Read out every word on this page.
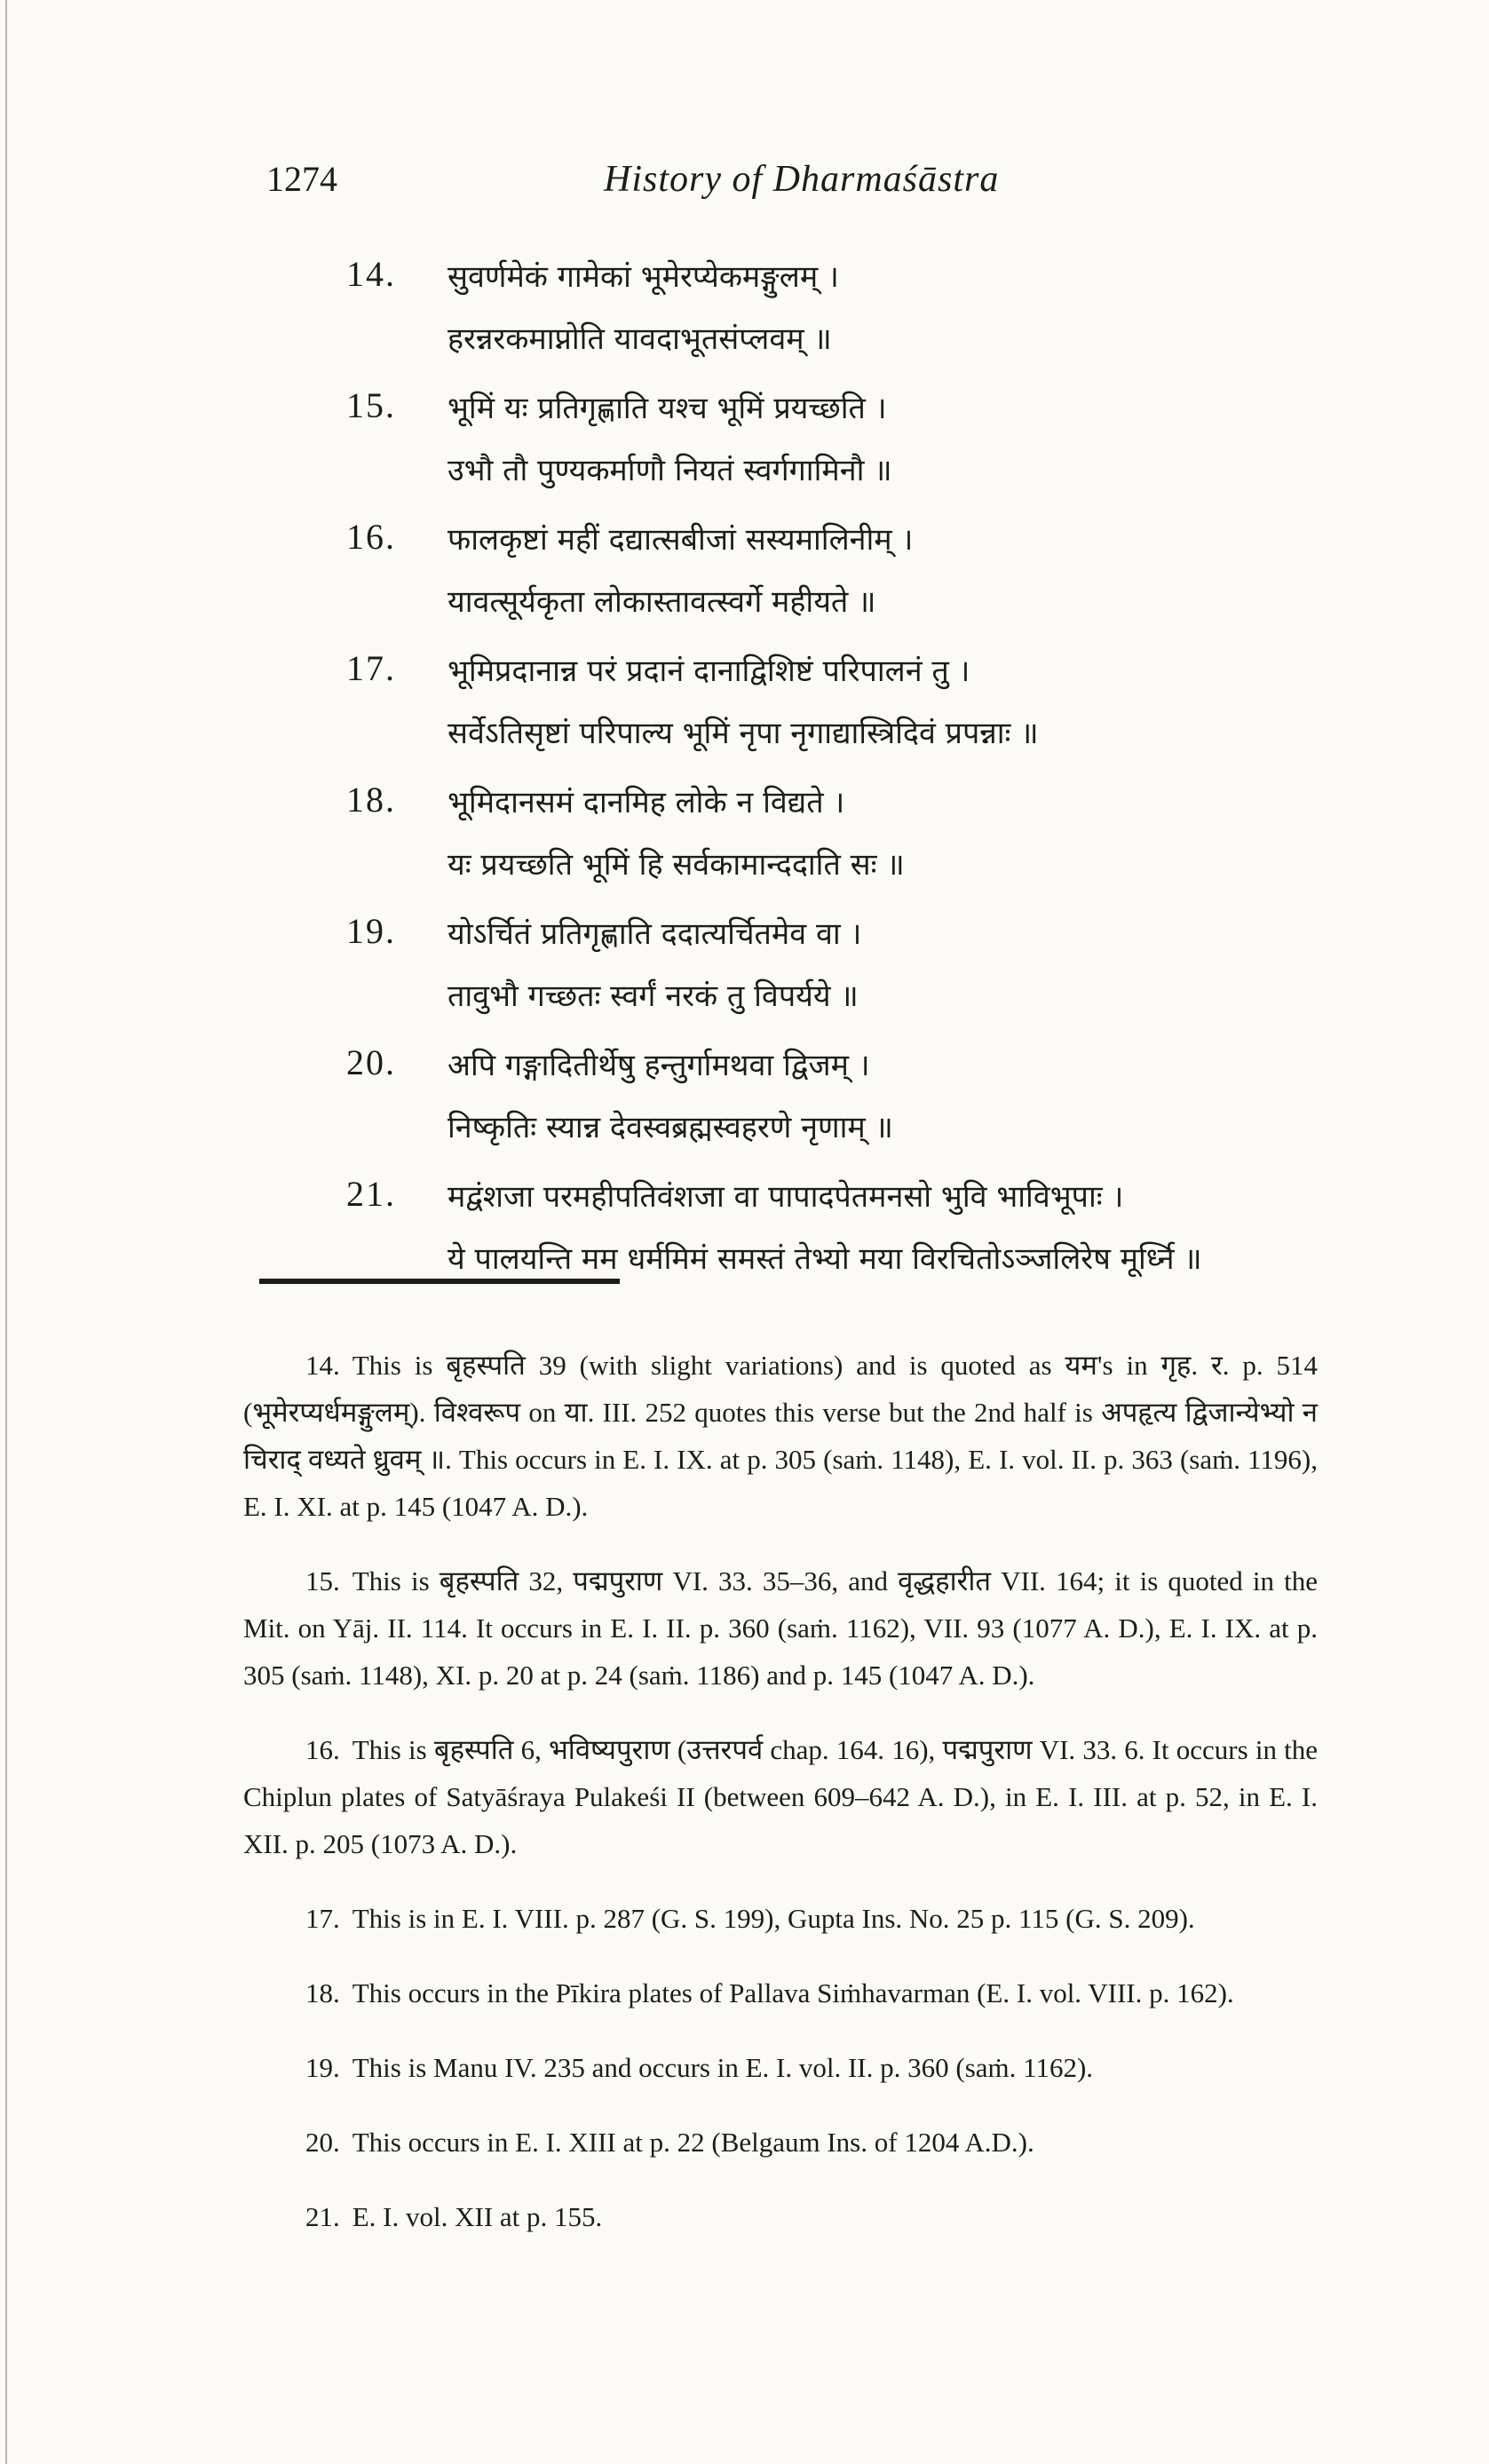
1274	History of Dharmaśāstra
14. सुवर्णमेकं गामेकां भूमेरप्येकमङ्गुलम् ।
हरन्नरकमाप्नोति यावदाभूतसंप्लवम् ॥
15. भूमिं यः प्रतिगृह्णाति यश्च भूमिं प्रयच्छति ।
उभौ तौ पुण्यकर्माणौ नियतं स्वर्गगामिनौ ॥
16. फालकृष्टां महीं दद्यात्सबीजां सस्यमालिनीम् ।
यावत्सूर्यकृता लोकास्तावत्स्वर्गे महीयते ॥
17. भूमिप्रदानान्न परं प्रदानं दानाद्विशिष्टं परिपालनं तु ।
सर्वेऽतिसृष्टां परिपाल्य भूमिं नृपा नृगाद्यास्त्रिदिवं प्रपन्नाः ॥
18. भूमिदानसमं दानमिह लोके न विद्यते ।
यः प्रयच्छति भूमिं हि सर्वकामान्ददाति सः ॥
19. योऽर्चितं प्रतिगृह्णाति ददात्यर्चितमेव वा ।
तावुभौ गच्छतः स्वर्गं नरकं तु विपर्यये ॥
20. अपि गङ्गादितीर्थेषु हन्तुर्गामथवा द्विजम् ।
निष्कृतिः स्यान्न देवस्वब्रह्मस्वहरणे नृणाम् ॥
21. मद्वंशजा परमहीपतिवंशजा वा पापादपेतमनसो भुवि भाविभूपाः ।
ये पालयन्ति मम धर्ममिमं समस्तं तेभ्यो मया विरचितोऽञ्जलिरेष मूर्ध्नि ॥

14. This is बृहस्पति 39 (with slight variations) and is quoted as यम's in गृह. र. p. 514 (भूमेरप्यर्धमङ्गुलम्). विश्वरूप on या. III. 252 quotes this verse but the 2nd half is अपहृत्य द्विजान्येभ्यो न चिराद् वध्यते ध्रुवम् ॥. This occurs in E. I. IX. at p. 305 (saṁ. 1148), E. I. vol. II. p. 363 (saṁ. 1196), E. I. XI. at p. 145 (1047 A. D.).

15. This is बृहस्पति 32, पद्मपुराण VI. 33. 35–36, and वृद्धहारीत VII. 164; it is quoted in the Mit. on Yāj. II. 114. It occurs in E. I. II. p. 360 (saṁ. 1162), VII. 93 (1077 A. D.), E. I. IX. at p. 305 (saṁ. 1148), XI. p. 20 at p. 24 (saṁ. 1186) and p. 145 (1047 A. D.).

16. This is बृहस्पति 6, भविष्यपुराण (उत्तरपर्व chap. 164. 16), पद्मपुराण VI. 33. 6. It occurs in the Chiplun plates of Satyāśraya Pulakeśi II (between 609–642 A. D.), in E. I. III. at p. 52, in E. I. XII. p. 205 (1073 A. D.).

17. This is in E. I. VIII. p. 287 (G. S. 199), Gupta Ins. No. 25 p. 115 (G. S. 209).

18. This occurs in the Pīkira plates of Pallava Siṁhavarman (E. I. vol. VIII. p. 162).

19. This is Manu IV. 235 and occurs in E. I. vol. II. p. 360 (saṁ. 1162).

20. This occurs in E. I. XIII at p. 22 (Belgaum Ins. of 1204 A.D.).

21. E. I. vol. XII at p. 155.
